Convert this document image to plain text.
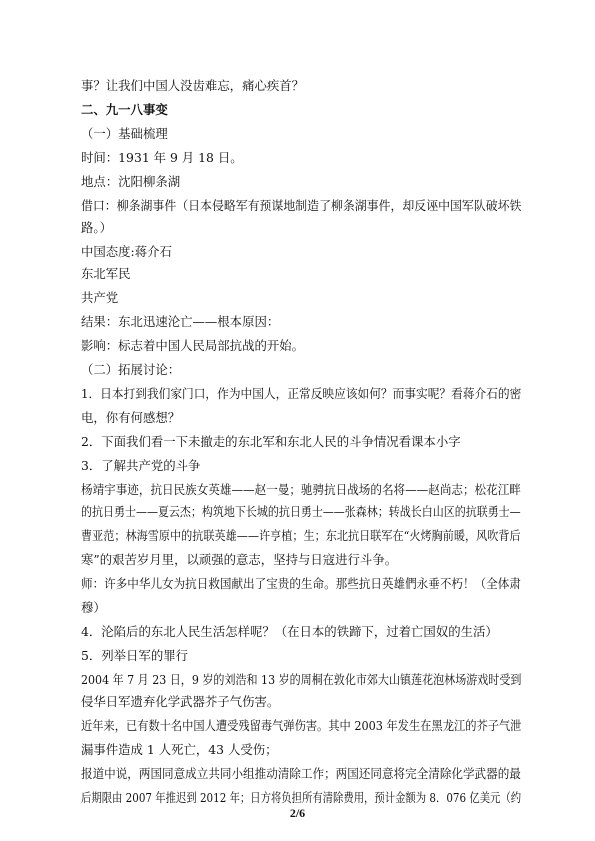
事？让我们中国人没齿难忘，痛心疾首？
二、九一八事变
（一）基础梳理
时间：1931 年 9 月 18 日。
地点：沈阳柳条湖
借口：柳条湖事件（日本侵略军有预谋地制造了柳条湖事件，却反诬中国军队破坏铁
路。）
中国态度:蒋介石
东北军民
共产党
结果：东北迅速沦亡——根本原因：
影响：标志着中国人民局部抗战的开始。
（二）拓展讨论：
1．日本打到我们家门口，作为中国人，正常反映应该如何？而事实呢？看蒋介石的密
电，你有何感想？
2．下面我们看一下未撤走的东北军和东北人民的斗争情况看课本小字
3．了解共产党的斗争
杨靖宇事迹，抗日民族女英雄——赵一曼；驰骋抗日战场的名将——赵尚志；松花江畔
的抗日勇士——夏云杰；构筑地下长城的抗日勇士——张森林；转战长白山区的抗联勇士—
曹亚范；林海雪原中的抗联英雄——许亨植；生；东北抗日联军在“火烤胸前暖，风吹背后
寒”的艰苦岁月里，以顽强的意志，坚持与日寇进行斗争。
师：许多中华儿女为抗日救国献出了宝贵的生命。那些抗日英雄們永垂不朽！（全体肃
穆）
4．沦陷后的东北人民生活怎样呢？（在日本的铁蹄下，过着亡国奴的生活）
5．列举日军的罪行
2004 年 7 月 23 日，9 岁的刘浩和 13 岁的周桐在敦化市郊大山镇莲花泡林场游戏时受到
侵华日军遗弃化学武器芥子气伤害。
近年来，已有数十名中国人遭受残留毒气弹伤害。其中 2003 年发生在黑龙江的芥子气泄
漏事件造成 1 人死亡，43 人受伤；
报道中说，两国同意成立共同小组推动清除工作；两国还同意将完全清除化学武器的最
后期限由 2007 年推迟到 2012 年；日方将负担所有清除费用，预计金额为 8．076 亿美元（约
2/6
